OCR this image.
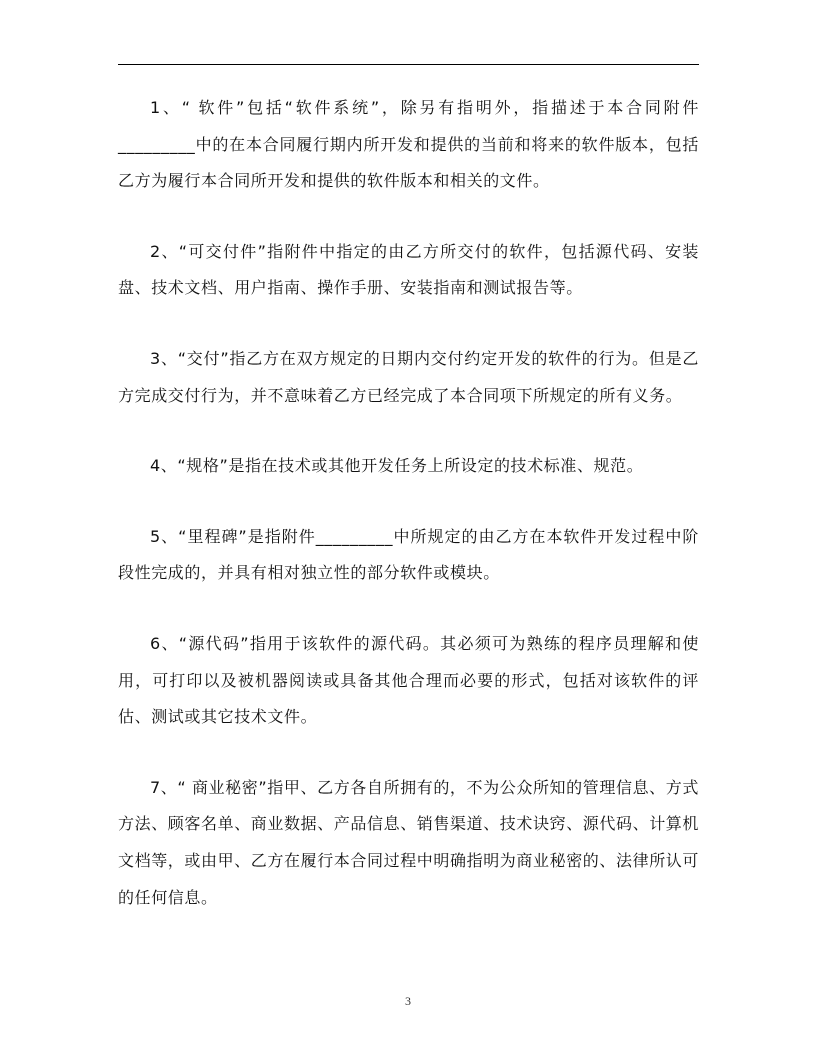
1、“ 软件”包括“软件系统”，除另有指明外，指描述于本合同附件_________中的在本合同履行期内所开发和提供的当前和将来的软件版本，包括乙方为履行本合同所开发和提供的软件版本和相关的文件。

2、“可交付件”指附件中指定的由乙方所交付的软件，包括源代码、安装盘、技术文档、用户指南、操作手册、安装指南和测试报告等。

3、“交付”指乙方在双方规定的日期内交付约定开发的软件的行为。但是乙方完成交付行为，并不意味着乙方已经完成了本合同项下所规定的所有义务。

4、“规格”是指在技术或其他开发任务上所设定的技术标准、规范。

5、“里程碑”是指附件_________中所规定的由乙方在本软件开发过程中阶段性完成的，并具有相对独立性的部分软件或模块。

6、“源代码”指用于该软件的源代码。其必须可为熟练的程序员理解和使用，可打印以及被机器阅读或具备其他合理而必要的形式，包括对该软件的评估、测试或其它技术文件。

7、“ 商业秘密”指甲、乙方各自所拥有的，不为公众所知的管理信息、方式方法、顾客名单、商业数据、产品信息、销售渠道、技术诀窍、源代码、计算机文档等，或由甲、乙方在履行本合同过程中明确指明为商业秘密的、法律所认可的任何信息。

3
